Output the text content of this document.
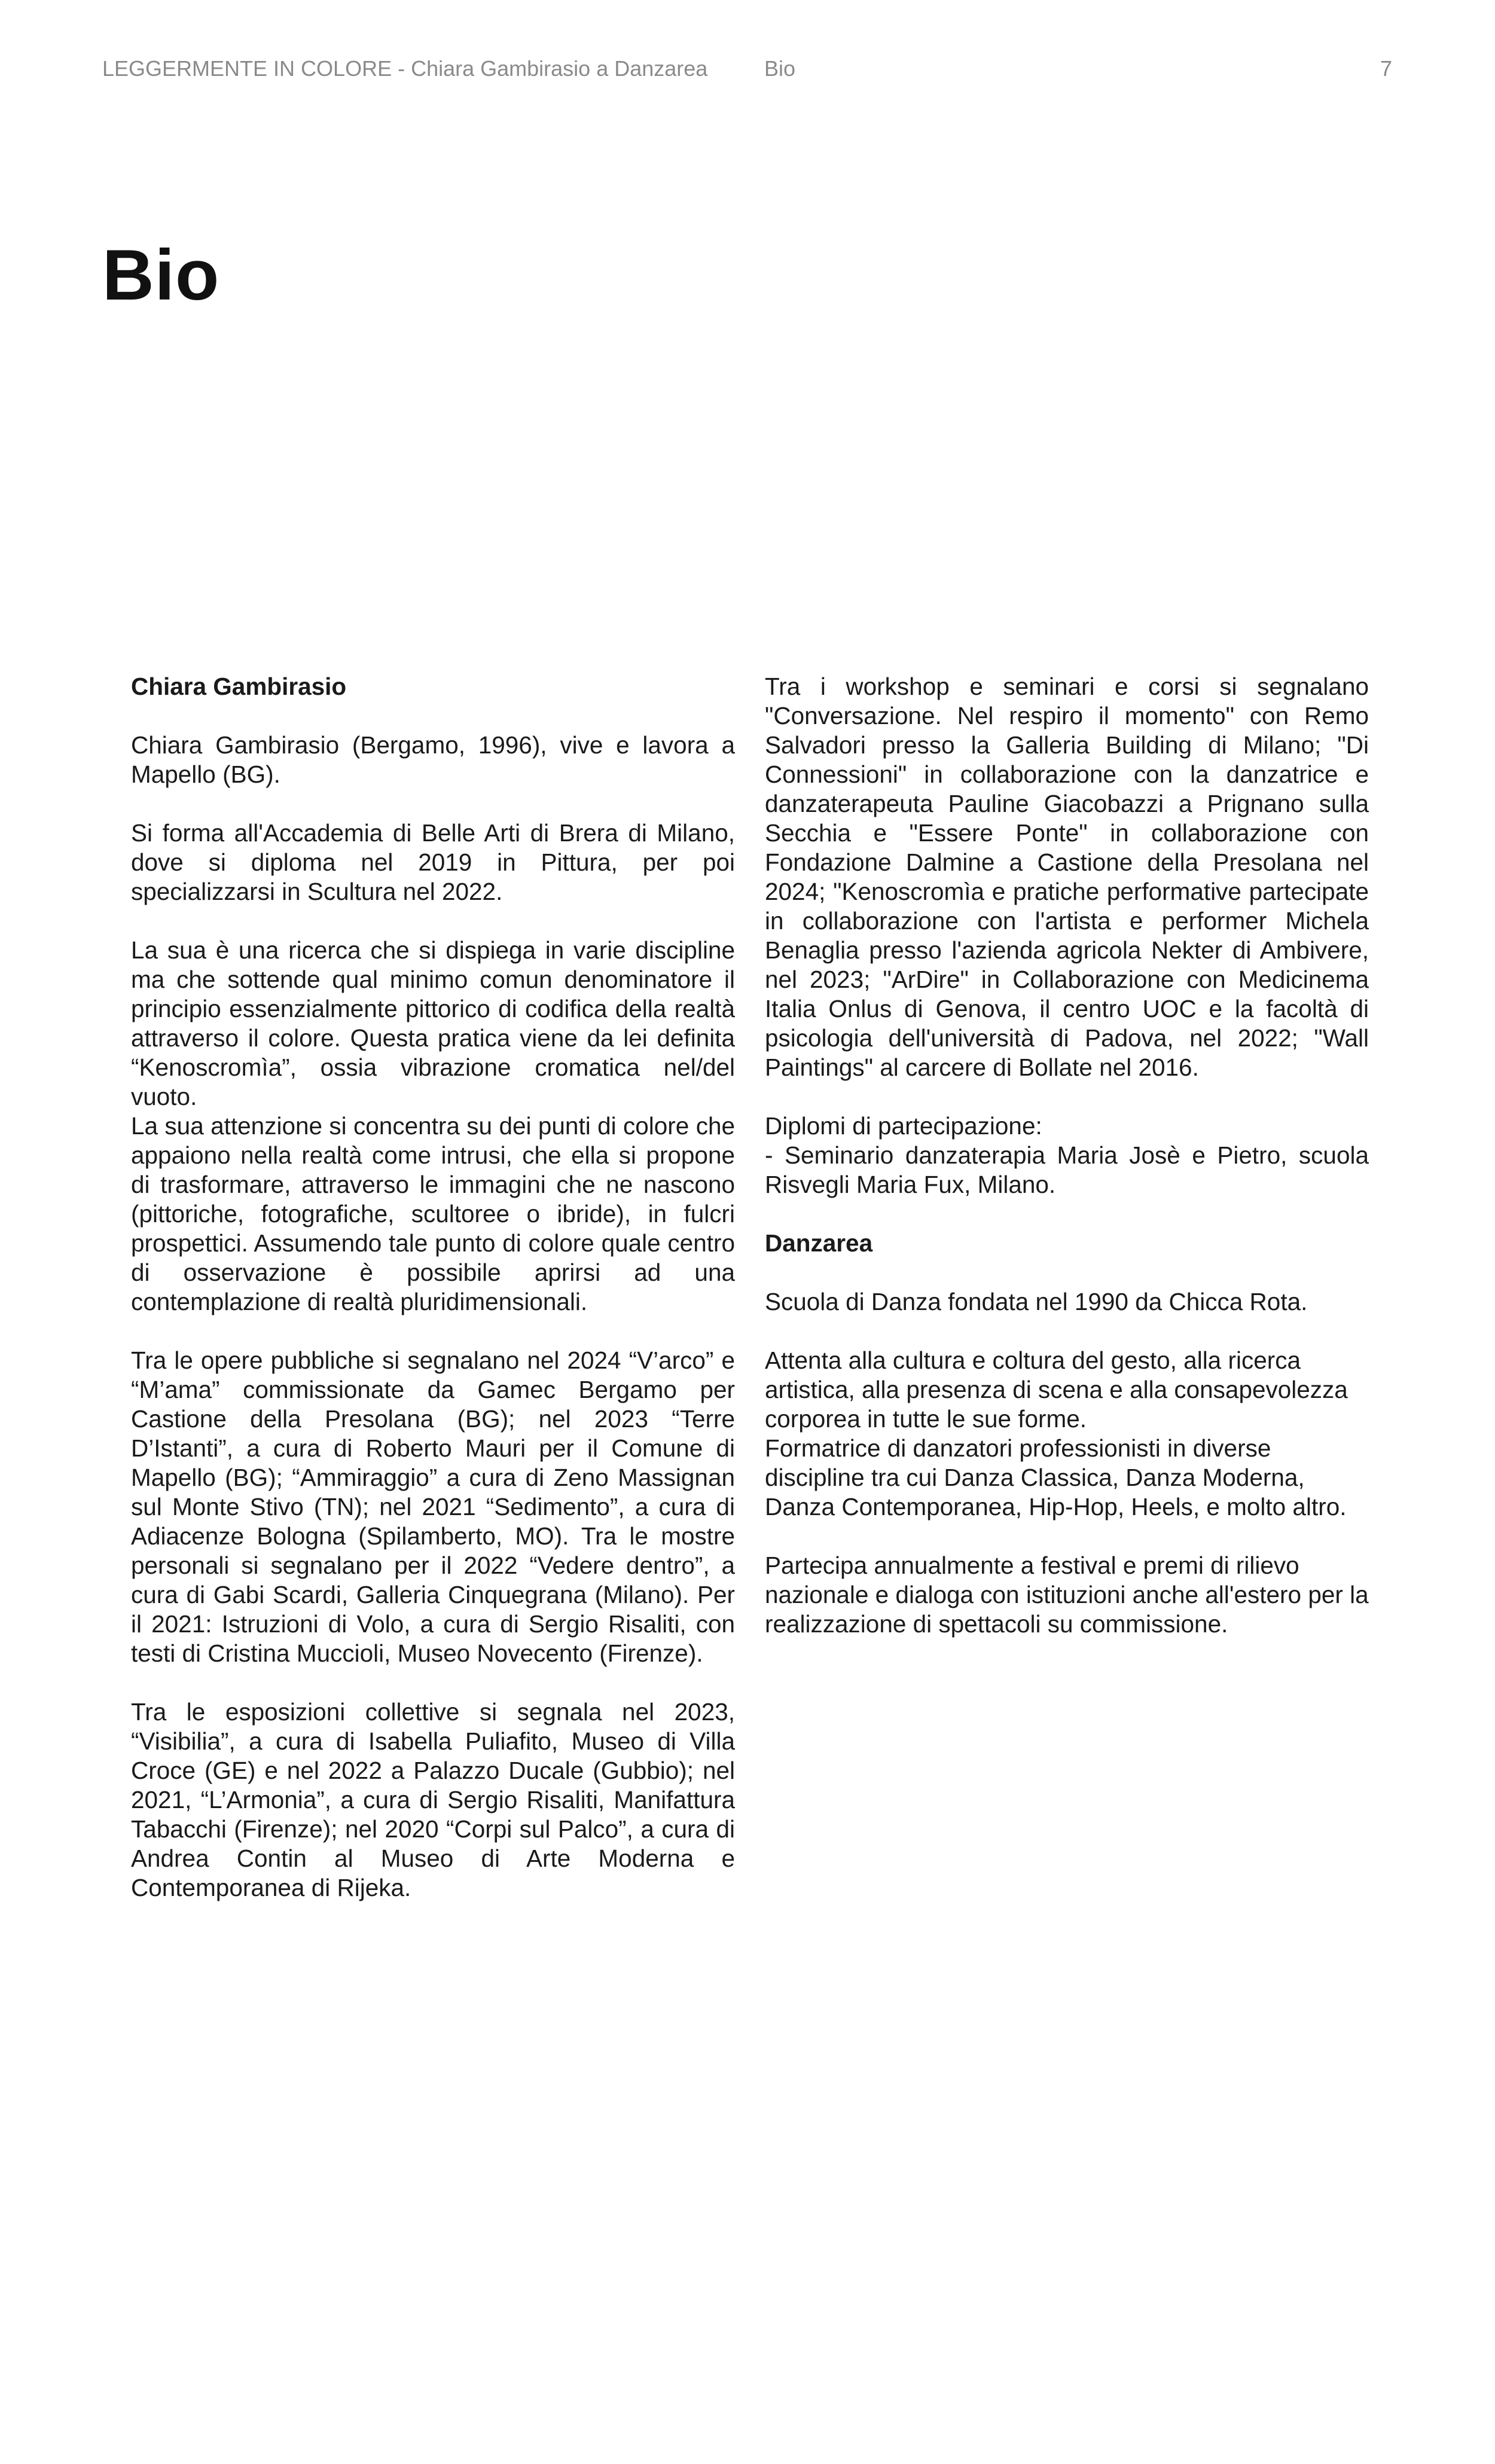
LEGGERMENTE IN COLORE - Chiara Gambirasio a Danzarea	Bio	7
Bio

Chiara Gambirasio

Chiara Gambirasio (Bergamo, 1996), vive e lavora a Mapello (BG).

Si forma all'Accademia di Belle Arti di Brera di Milano, dove si diploma nel 2019 in Pittura, per poi specializzarsi in Scultura nel 2022.

La sua è una ricerca che si dispiega in varie discipline ma che sottende qual minimo comun denominatore il principio essenzialmente pittorico di codifica della realtà attraverso il colore. Questa pratica viene da lei definita “Kenoscromìa”, ossia vibrazione cromatica nel/del vuoto.

La sua attenzione si concentra su dei punti di colore che appaiono nella realtà come intrusi, che ella si propone di trasformare, attraverso le immagini che ne nascono (pittoriche, fotografiche, scultoree o ibride), in fulcri prospettici. Assumendo tale punto di colore quale centro di osservazione è possibile aprirsi ad una contemplazione di realtà pluridimensionali.

Tra le opere pubbliche si segnalano nel 2024 “V’arco” e “M’ama” commissionate da Gamec Bergamo per Castione della Presolana (BG); nel 2023 “Terre D’Istanti”, a cura di Roberto Mauri per il Comune di Mapello (BG); “Ammiraggio” a cura di Zeno Massignan sul Monte Stivo (TN); nel 2021 “Sedimento”, a cura di Adiacenze Bologna (Spilamberto, MO). Tra le mostre personali si segnalano per il 2022 “Vedere dentro”, a cura di Gabi Scardi, Galleria Cinquegrana (Milano). Per il 2021: Istruzioni di Volo, a cura di Sergio Risaliti, con testi di Cristina Muccioli, Museo Novecento (Firenze).

Tra le esposizioni collettive si segnala nel 2023, “Visibilia”, a cura di Isabella Puliafito, Museo di Villa Croce (GE) e nel 2022 a Palazzo Ducale (Gubbio); nel 2021, “L’Armonia”, a cura di Sergio Risaliti, Manifattura Tabacchi (Firenze); nel 2020 “Corpi sul Palco”, a cura di Andrea Contin al Museo di Arte Moderna e Contemporanea di Rijeka.

Tra i workshop e seminari e corsi si segnalano "Conversazione. Nel respiro il momento" con Remo Salvadori presso la Galleria Building di Milano; "Di Connessioni" in collaborazione con la danzatrice e danzaterapeuta Pauline Giacobazzi a Prignano sulla Secchia e "Essere Ponte" in collaborazione con Fondazione Dalmine a Castione della Presolana nel 2024; "Kenoscromìa e pratiche performative partecipate in collaborazione con l'artista e performer Michela Benaglia presso l'azienda agricola Nekter di Ambivere, nel 2023; "ArDire" in Collaborazione con Medicinema Italia Onlus di Genova, il centro UOC e la facoltà di psicologia dell'università di Padova, nel 2022; "Wall Paintings" al carcere di Bollate nel 2016.

Diplomi di partecipazione:

- Seminario danzaterapia Maria Josè e Pietro, scuola Risvegli Maria Fux, Milano.

Danzarea

Scuola di Danza fondata nel 1990 da Chicca Rota.

Attenta alla cultura e coltura del gesto, alla ricerca artistica, alla presenza di scena e alla consapevolezza corporea in tutte le sue forme.

Formatrice di danzatori professionisti in diverse discipline tra cui Danza Classica, Danza Moderna, Danza Contemporanea, Hip-Hop, Heels, e molto altro.

Partecipa annualmente a festival e premi di rilievo nazionale e dialoga con istituzioni anche all'estero per la realizzazione di spettacoli su commissione.
